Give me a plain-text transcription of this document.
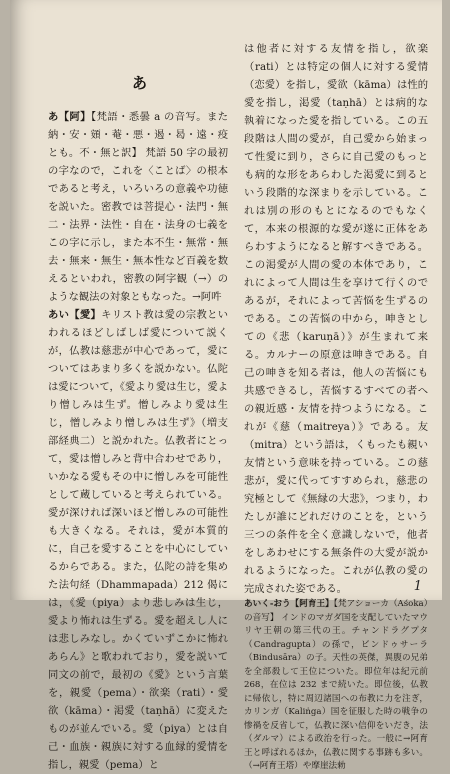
あ

あ【阿】【梵語・悉曇 a の音写。また 納・安・頞・菴・悪・遏・曷・遠・疫とも。不・無と訳】 梵語 50 字の最初の字なので，これを〈ことば〉の根本であると考え，いろいろの意義や功徳を説いた。密教では菩提心・法門・無二・法界・法性・自在・法身の七義をこの字に示し，また本不生・無常・無去・無来・無生・無本性など百義を数えるといわれ，密教の阿字観（→）のような観法の対象ともなった。→阿吽

あい【愛】キリスト教は愛の宗教といわれるほどしばしば愛について説くが，仏教は慈悲が中心であって，愛についてはあまり多くを説かない。仏陀は愛について，《愛より愛は生じ，愛より憎しみは生ず。憎しみより愛は生じ，憎しみより憎しみは生ず》（増支部経典二）と説かれた。仏教者にとって，愛は憎しみと背中合わせであり，いかなる愛もその中に憎しみを可能性として蔵していると考えられている。愛が深ければ深いほど憎しみの可能性も大きくなる。それは，愛が本質的に，自己を愛することを中心にしているからである。また，仏陀の詩を集めた法句経（Dhammapada）212 偈には，《愛（piya）より悲しみは生じ，愛より怖れは生ずる。愛を超えし人には悲しみなし。かくていずこかに怖れあらん》と歌われており，愛を説いて同文の前で，最初の《愛》という言葉を，親愛（pema）・欲楽（rati）・愛欲（kāma）・渇愛（taṇhā）に変えたものが並んでいる。愛（piya）とは自己・血族・親族に対する血縁的愛情を指し，親愛（pema）と

は他者に対する友情を指し，欲楽（rati）とは特定の個人に対する愛情（恋愛）を指し，愛欲（kāma）は性的愛を指し，渇愛（taṇhā）とは病的な執着になった愛を指している。この五段階は人間の愛が，自己愛から始まって性愛に到り，さらに自己愛のもっとも病的な形をあらわした渇愛に到るという段階的な深まりを示している。これは別の形のもとになるのでもなくて，本来の根源的な愛が遂に正体をあらわすようになると解すべきである。この渇愛が人間の愛の本体であり，これによって人間は生を享けて行くのであるが，それによって苦悩を生ずるのである。この苦悩の中から，呻きとしての《悲（karuṇā）》が生まれて来る。カルナーの原意は呻きである。自己の呻きを知る者は，他人の苦悩にも共感できるし，苦悩するすべての者への親近感・友情を持つようになる。これが《慈（maitreya）》である。友（mitra）という語は，くもったも親い友情という意味を持っている。この慈悲が，愛に代ってすすめられ，慈悲の究極として《無縁の大悲》，つまり，わたしが誰にどれだけのことを，という三つの条件を全く意識しないで，他者をしあわせにする無条件の大愛が説かれるようになった。これが仏教の愛の完成された姿である。

あいく-おう【阿育王】【梵アショーカ（Aśoka）の音写】 インドのマガダ国を支配していたマウリヤ王朝の第三代の王。チャンドラグプタ（Candragupta）の孫で，ビンドゥサーラ（Bindusāra）の子。天性の英傑，異腹の兄弟を全部殺して王位についた。即位年は紀元前 268，在位は 232 まで続いた。即位後，仏教に帰依し，特に周辺諸国への布教に力を注ぎ，カリンガ（Kaliṅga）国を征服した時の戦争の惨禍を反省して，仏教に深い信仰をいだき，法（ダルマ）による政治を行った。一般に→阿育王と呼ばれるほか，仏教に関する事跡も多い。（→阿育王塔）や摩崖法勅

1
